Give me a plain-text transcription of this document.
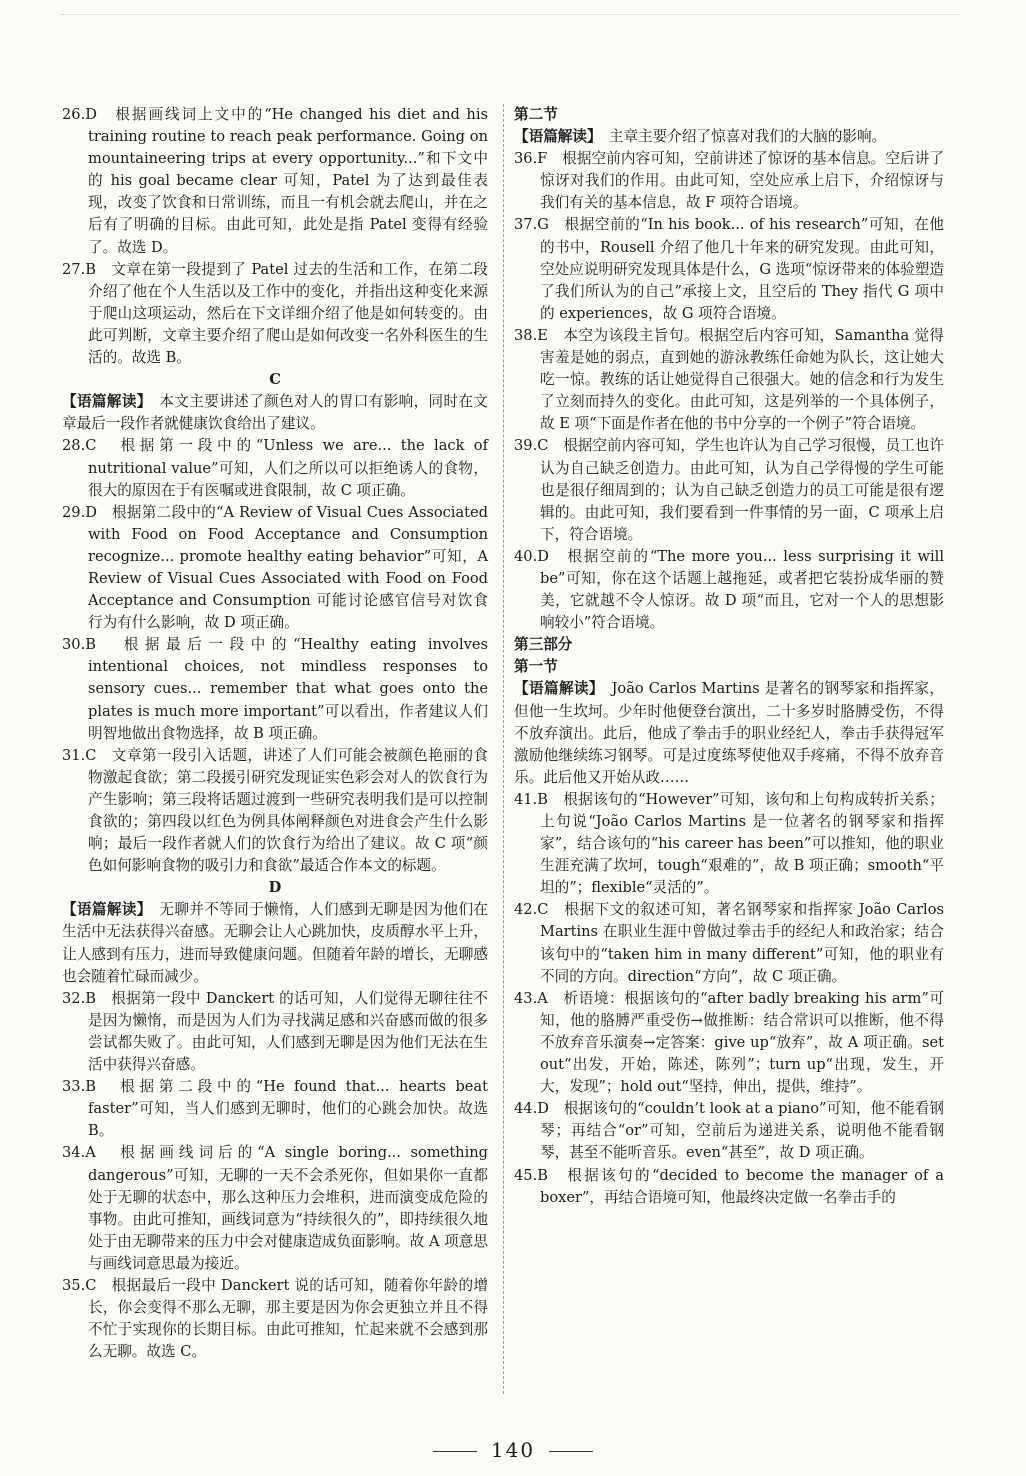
26.D　根据画线词上文中的“He changed his diet and his training routine to reach peak performance. Going on mountaineering trips at every opportunity...”和下文中的 his goal became clear 可知，Patel 为了达到最佳表现，改变了饮食和日常训练，而且一有机会就去爬山，并在之后有了明确的目标。由此可知，此处是指 Patel 变得有经验了。故选 D。

27.B　文章在第一段提到了 Patel 过去的生活和工作，在第二段介绍了他在个人生活以及工作中的变化，并指出这种变化来源于爬山这项运动，然后在下文详细介绍了他是如何转变的。由此可判断，文章主要介绍了爬山是如何改变一名外科医生的生活的。故选 B。

C

【语篇解读】　本文主要讲述了颜色对人的胃口有影响，同时在文章最后一段作者就健康饮食给出了建议。

28.C　根据第一段中的“Unless we are... the lack of nutritional value”可知，人们之所以可以拒绝诱人的食物，很大的原因在于有医嘱或进食限制，故 C 项正确。

29.D　根据第二段中的“A Review of Visual Cues Associated with Food on Food Acceptance and Consumption recognize... promote healthy eating behavior”可知，A Review of Visual Cues Associated with Food on Food Acceptance and Consumption 可能讨论感官信号对饮食行为有什么影响，故 D 项正确。

30.B　根据最后一段中的“Healthy eating involves intentional choices, not mindless responses to sensory cues... remember that what goes onto the plates is much more important”可以看出，作者建议人们明智地做出食物选择，故 B 项正确。

31.C　文章第一段引入话题，讲述了人们可能会被颜色艳丽的食物激起食欲；第二段援引研究发现证实色彩会对人的饮食行为产生影响；第三段将话题过渡到一些研究表明我们是可以控制食欲的；第四段以红色为例具体阐释颜色对进食会产生什么影响；最后一段作者就人们的饮食行为给出了建议。故 C 项“颜色如何影响食物的吸引力和食欲”最适合作本文的标题。

D

【语篇解读】　无聊并不等同于懒惰，人们感到无聊是因为他们在生活中无法获得兴奋感。无聊会让人心跳加快，皮质醇水平上升，让人感到有压力，进而导致健康问题。但随着年龄的增长，无聊感也会随着忙碌而减少。

32.B　根据第一段中 Danckert 的话可知，人们觉得无聊往往不是因为懒惰，而是因为人们为寻找满足感和兴奋感而做的很多尝试都失败了。由此可知，人们感到无聊是因为他们无法在生活中获得兴奋感。

33.B　根据第二段中的“He found that... hearts beat faster”可知，当人们感到无聊时，他们的心跳会加快。故选 B。

34.A　根据画线词后的“A single boring... something dangerous”可知，无聊的一天不会杀死你，但如果你一直都处于无聊的状态中，那么这种压力会堆积，进而演变成危险的事物。由此可推知，画线词意为“持续很久的”，即持续很久地处于由无聊带来的压力中会对健康造成负面影响。故 A 项意思与画线词意思最为接近。

35.C　根据最后一段中 Danckert 说的话可知，随着你年龄的增长，你会变得不那么无聊，那主要是因为你会更独立并且不得不忙于实现你的长期目标。由此可推知，忙起来就不会感到那么无聊。故选 C。

第二节

【语篇解读】　主章主要介绍了惊喜对我们的大脑的影响。

36.F　根据空前内容可知，空前讲述了惊讶的基本信息。空后讲了惊讶对我们的作用。由此可知，空处应承上启下，介绍惊讶与我们有关的基本信息，故 F 项符合语境。

37.G　根据空前的“In his book... of his research”可知，在他的书中，Rousell 介绍了他几十年来的研究发现。由此可知，空处应说明研究发现具体是什么，G 选项“惊讶带来的体验塑造了我们所认为的自己”承接上文，且空后的 They 指代 G 项中的 experiences，故 G 项符合语境。

38.E　本空为该段主旨句。根据空后内容可知，Samantha 觉得害羞是她的弱点，直到她的游泳教练任命她为队长，这让她大吃一惊。教练的话让她觉得自己很强大。她的信念和行为发生了立刻而持久的变化。由此可知，这是列举的一个具体例子，故 E 项“下面是作者在他的书中分享的一个例子”符合语境。

39.C　根据空前内容可知，学生也许认为自己学习很慢，员工也许认为自己缺乏创造力。由此可知，认为自己学得慢的学生可能也是很仔细周到的；认为自己缺乏创造力的员工可能是很有逻辑的。由此可知，我们要看到一件事情的另一面，C 项承上启下，符合语境。

40.D　根据空前的“The more you... less surprising it will be”可知，你在这个话题上越拖延，或者把它装扮成华丽的赞美，它就越不令人惊讶。故 D 项“而且，它对一个人的思想影响较小”符合语境。

第三部分

第一节

【语篇解读】　João Carlos Martins 是著名的钢琴家和指挥家，但他一生坎坷。少年时他便登台演出，二十多岁时胳膊受伤，不得不放弃演出。此后，他成了拳击手的职业经纪人，拳击手获得冠军激励他继续练习钢琴。可是过度练琴使他双手疼痛，不得不放弃音乐。此后他又开始从政……

41.B　根据该句的“However”可知，该句和上句构成转折关系；上句说“João Carlos Martins 是一位著名的钢琴家和指挥家”，结合该句的“his career has been”可以推知，他的职业生涯充满了坎坷，tough“艰难的”，故 B 项正确；smooth“平坦的”；flexible“灵活的”。

42.C　根据下文的叙述可知，著名钢琴家和指挥家 João Carlos Martins 在职业生涯中曾做过拳击手的经纪人和政治家；结合该句中的“taken him in many different”可知，他的职业有不同的方向。direction“方向”，故 C 项正确。

43.A　析语境：根据该句的“after badly breaking his arm”可知，他的胳膊严重受伤→做推断：结合常识可以推断，他不得不放弃音乐演奏→定答案：give up“放弃”，故 A 项正确。set out“出发，开始，陈述，陈列”；turn up“出现，发生，开大，发现”；hold out“坚持，伸出，提供，维持”。

44.D　根据该句的“couldn’t look at a piano”可知，他不能看钢琴；再结合“or”可知，空前后为递进关系，说明他不能看钢琴，甚至不能听音乐。even“甚至”，故 D 项正确。

45.B　根据该句的“decided to become the manager of a boxer”，再结合语境可知，他最终决定做一名拳击手的

140
